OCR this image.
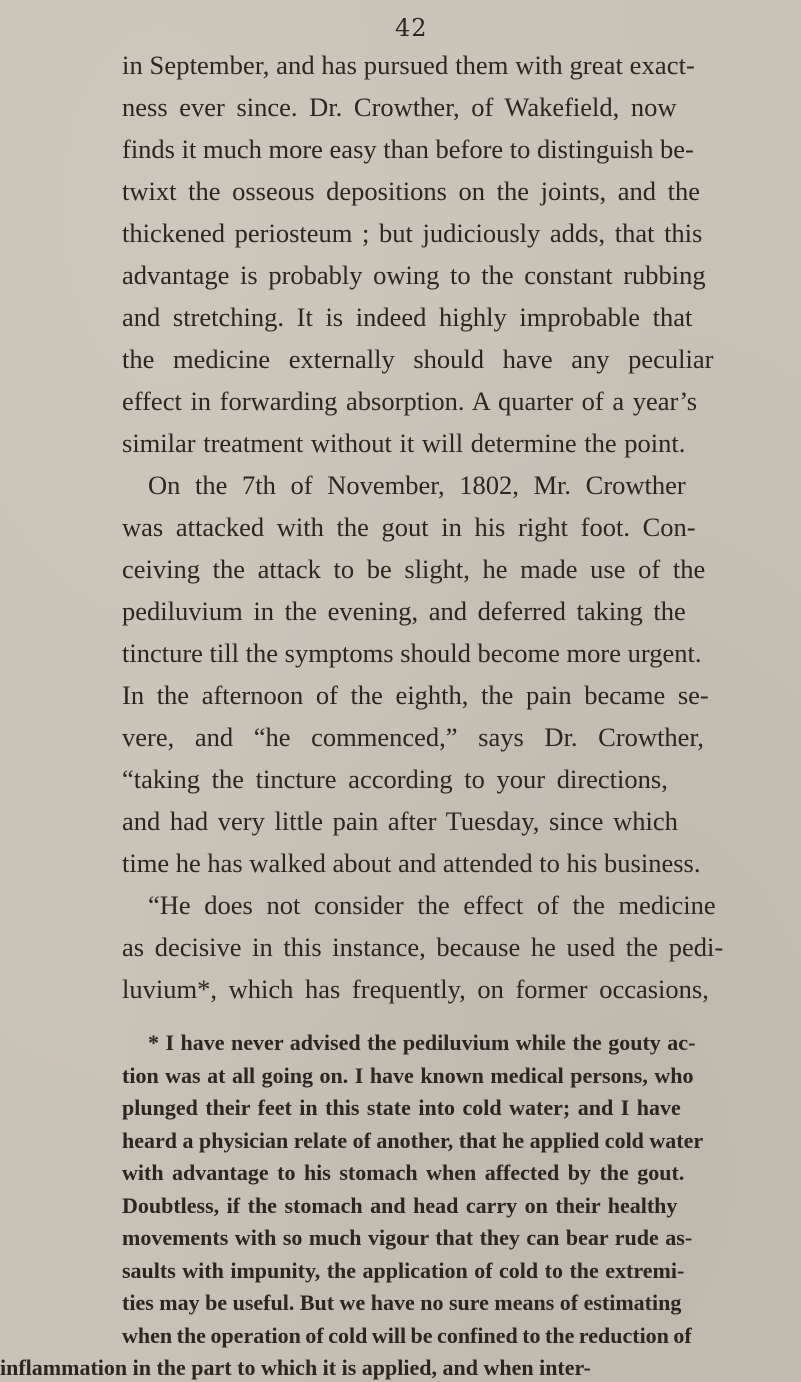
42
in September, and has pursued them with great exact-
ness ever since. Dr. Crowther, of Wakefield, now
finds it much more easy than before to distinguish be-
twixt the osseous depositions on the joints, and the
thickened periosteum ; but judiciously adds, that this
advantage is probably owing to the constant rubbing
and stretching. It is indeed highly improbable that
the medicine externally should have any peculiar
effect in forwarding absorption. A quarter of a year’s
similar treatment without it will determine the point.
On the 7th of November, 1802, Mr. Crowther
was attacked with the gout in his right foot. Con-
ceiving the attack to be slight, he made use of the
pediluvium in the evening, and deferred taking the
tincture till the symptoms should become more urgent.
In the afternoon of the eighth, the pain became se-
vere, and “he commenced,” says Dr. Crowther,
“taking the tincture according to your directions,
and had very little pain after Tuesday, since which
time he has walked about and attended to his business.
“He does not consider the effect of the medicine
as decisive in this instance, because he used the pedi-
luvium*, which has frequently, on former occasions,
* I have never advised the pediluvium while the gouty ac-
tion was at all going on. I have known medical persons, who
plunged their feet in this state into cold water; and I have
heard a physician relate of another, that he applied cold water
with advantage to his stomach when affected by the gout.
Doubtless, if the stomach and head carry on their healthy
movements with so much vigour that they can bear rude as-
saults with impunity, the application of cold to the extremi-
ties may be useful. But we have no sure means of estimating
when the operation of cold will be confined to the reduction of
inflammation in the part to which it is applied, and when inter-
